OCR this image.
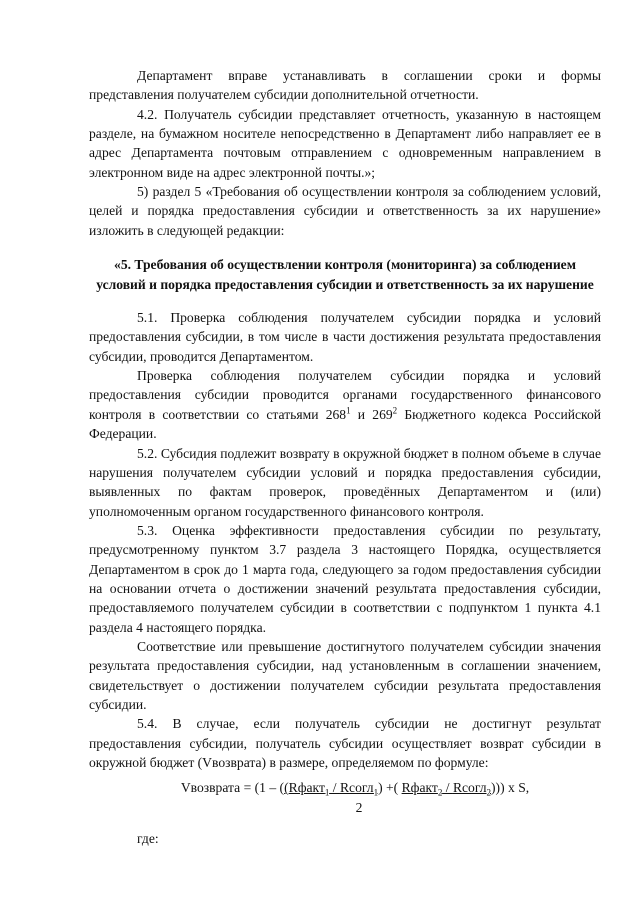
Департамент вправе устанавливать в соглашении сроки и формы представления получателем субсидии дополнительной отчетности.

4.2. Получатель субсидии представляет отчетность, указанную в настоящем разделе, на бумажном носителе непосредственно в Департамент либо направляет ее в адрес Департамента почтовым отправлением с одновременным направлением в электронном виде на адрес электронной почты.»;

5) раздел 5 «Требования об осуществлении контроля за соблюдением условий, целей и порядка предоставления субсидии и ответственность за их нарушение» изложить в следующей редакции:

«5. Требования об осуществлении контроля (мониторинга) за соблюдением условий и порядка предоставления субсидии и ответственность за их нарушение

5.1. Проверка соблюдения получателем субсидии порядка и условий предоставления субсидии, в том числе в части достижения результата предоставления субсидии, проводится Департаментом.

Проверка соблюдения получателем субсидии порядка и условий предоставления субсидии проводится органами государственного финансового контроля в соответствии со статьями $268^1$ и $269^2$ Бюджетного кодекса Российской Федерации.

5.2. Субсидия подлежит возврату в окружной бюджет в полном объеме в случае нарушения получателем субсидии условий и порядка предоставления субсидии, выявленных по фактам проверок, проведённых Департаментом и (или) уполномоченным органом государственного финансового контроля.

5.3. Оценка эффективности предоставления субсидии по результату, предусмотренному пунктом 3.7 раздела 3 настоящего Порядка, осуществляется Департаментом в срок до 1 марта года, следующего за годом предоставления субсидии на основании отчета о достижении значений результата предоставления субсидии, предоставляемого получателем субсидии в соответствии с подпунктом 1 пункта 4.1 раздела 4 настоящего порядка.

Соответствие или превышение достигнутого получателем субсидии значения результата предоставления субсидии, над установленным в соглашении значением, свидетельствует о достижении получателем субсидии результата предоставления субсидии.

5.4. В случае, если получатель субсидии не достигнут результат предоставления субсидии, получатель субсидии осуществляет возврат субсидии в окружной бюджет (Vвозврата) в размере, определяемом по формуле:

Vвозврата = (1 – ((Rфакт$_1$ / Rсогл$_1$) +( Rфакт$_2$ / Rсогл$_2$))) x S,

2

где:
